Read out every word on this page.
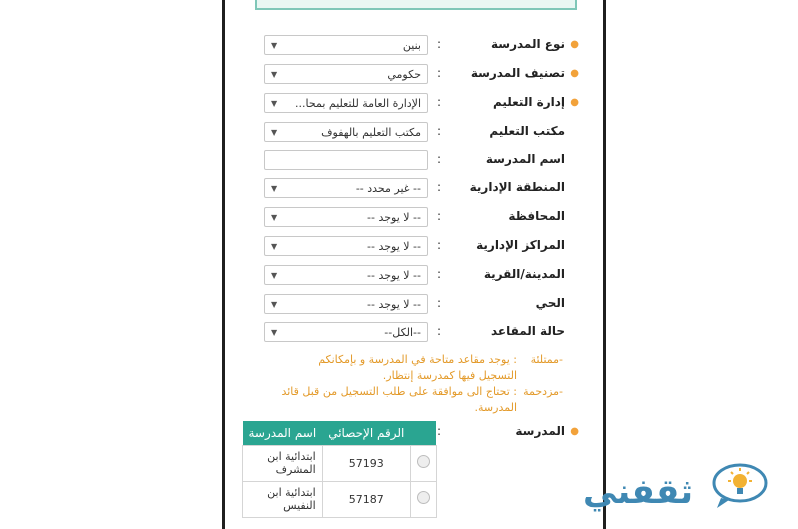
●
نوع المدرسة
:
بنين
▼
●
تصنيف المدرسة
:
حكومي
▼
●
إدارة التعليم
:
الإدارة العامة للتعليم بمحا...
▼
مكتب التعليم
:
مكتب التعليم بالهفوف
▼
اسم المدرسة
:
المنطقة الإدارية
:
-- غير محدد --
▼
المحافظة
:
-- لا يوجد --
▼
المراكز الإدارية
:
-- لا يوجد --
▼
المدينة/القرية
:
-- لا يوجد --
▼
الحي
:
-- لا يوجد --
▼
حالة المقاعد
:
--الكل--
▼
-ممتلئة
: يوجد مقاعد متاحة في المدرسة و بإمكانكم
التسجيل فيها كمدرسة إنتظار.
-مزدحمة
: تحتاج الى موافقة على طلب التسجيل من قبل قائد
المدرسة.
●
المدرسة
:
	الرقم الإحصائي	اسم المدرسة
	57193	ابتدائية ابن
المشرف

	57187	ابتدائية ابن
النفيس	ثقفني
